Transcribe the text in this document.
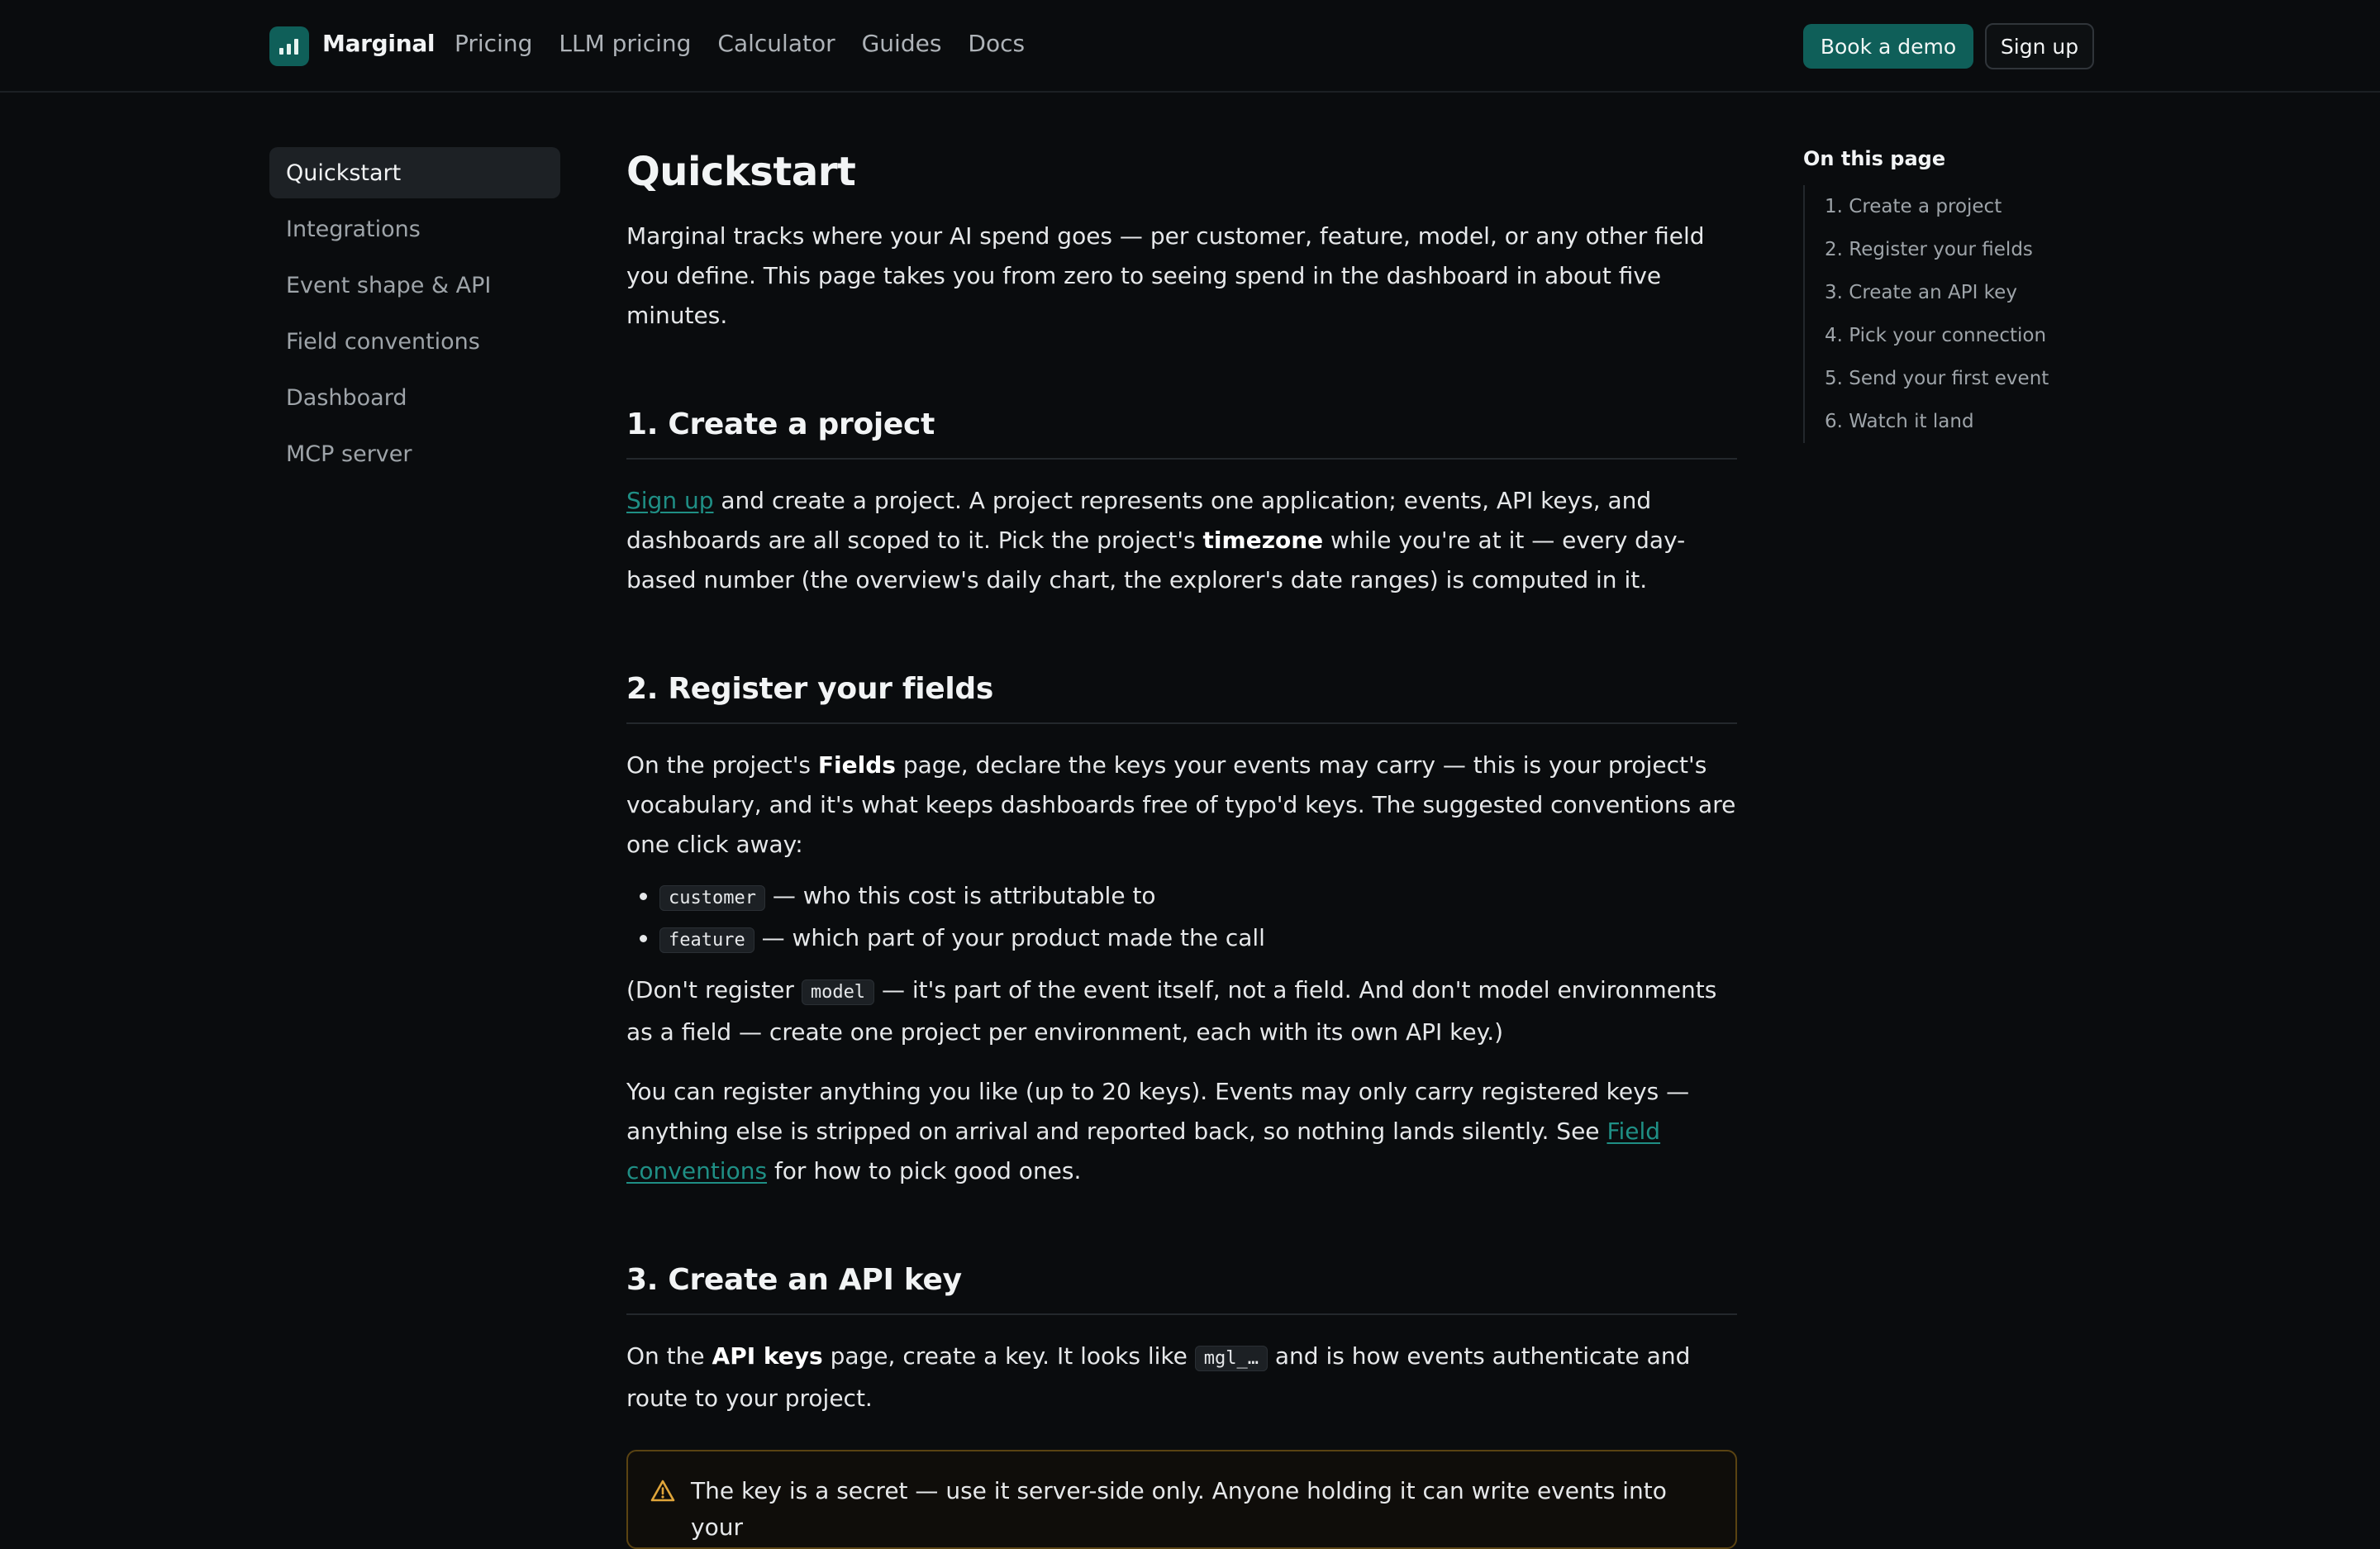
Marginal Pricing LLM pricing Calculator Guides Docs	Book a demo	Sign up
Quickstart
Integrations
Event shape & API
Field conventions
Dashboard
MCP server
Quickstart

Marginal tracks where your AI spend goes — per customer, feature, model, or any other field you define. This page takes you from zero to seeing spend in the dashboard in about five minutes.

1. Create a project

Sign up and create a project. A project represents one application; events, API keys, and dashboards are all scoped to it. Pick the project's timezone while you're at it — every day-based number (the overview's daily chart, the explorer's date ranges) is computed in it.

2. Register your fields

On the project's Fields page, declare the keys your events may carry — this is your project's vocabulary, and it's what keeps dashboards free of typo'd keys. The suggested conventions are one click away:

• customer — who this cost is attributable to
• feature — which part of your product made the call

(Don't register model — it's part of the event itself, not a field. And don't model environments as a field — create one project per environment, each with its own API key.)

You can register anything you like (up to 20 keys). Events may only carry registered keys — anything else is stripped on arrival and reported back, so nothing lands silently. See Field conventions for how to pick good ones.

3. Create an API key

On the API keys page, create a key. It looks like mgl_… and is how events authenticate and route to your project.

The key is a secret — use it server-side only. Anyone holding it can write events into your
On this page
1. Create a project
2. Register your fields
3. Create an API key
4. Pick your connection
5. Send your first event
6. Watch it land
